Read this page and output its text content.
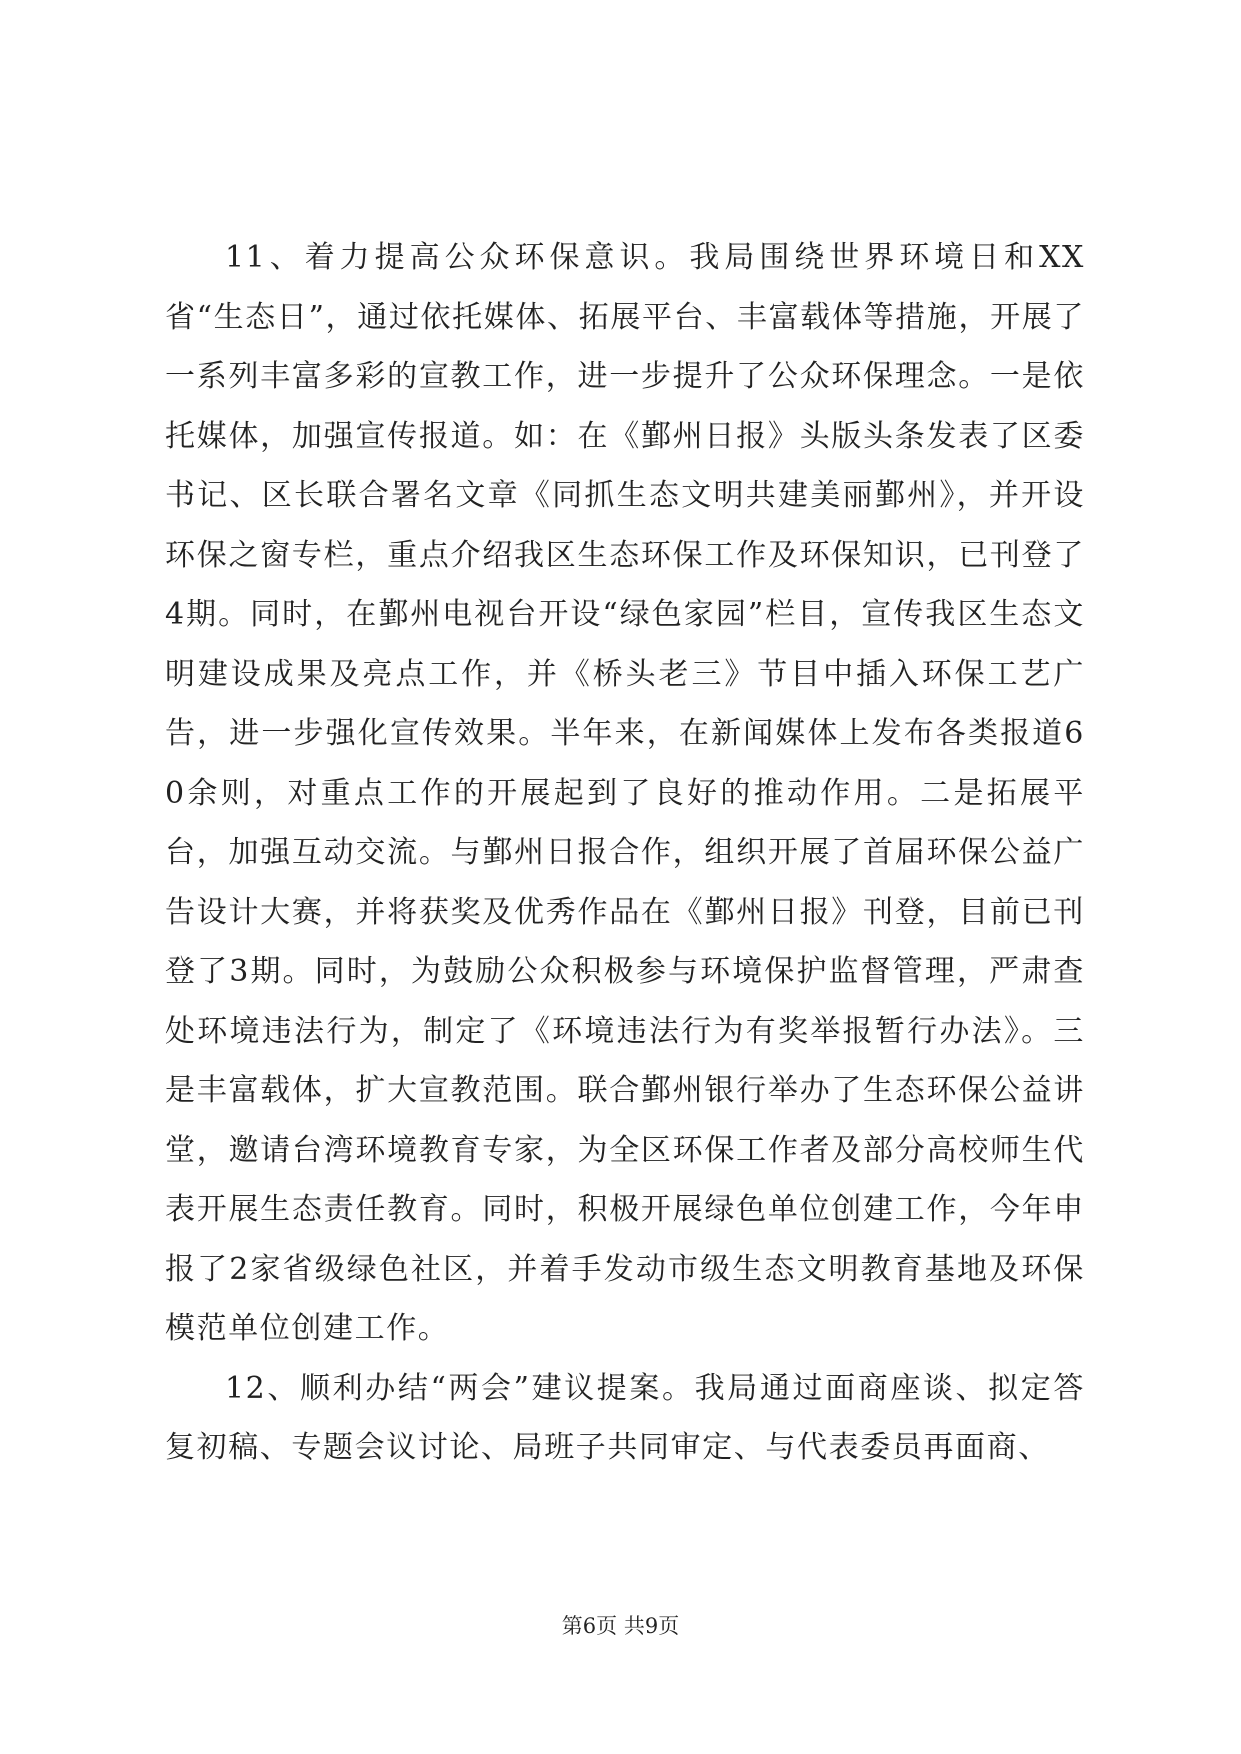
11、着力提高公众环保意识。我局围绕世界环境日和XX省“生态日”，通过依托媒体、拓展平台、丰富载体等措施，开展了一系列丰富多彩的宣教工作，进一步提升了公众环保理念。一是依托媒体，加强宣传报道。如：在《鄞州日报》头版头条发表了区委书记、区长联合署名文章《同抓生态文明共建美丽鄞州》，并开设环保之窗专栏，重点介绍我区生态环保工作及环保知识，已刊登了4期。同时，在鄞州电视台开设“绿色家园”栏目，宣传我区生态文明建设成果及亮点工作，并《桥头老三》节目中插入环保工艺广告，进一步强化宣传效果。半年来，在新闻媒体上发布各类报道60余则，对重点工作的开展起到了良好的推动作用。二是拓展平台，加强互动交流。与鄞州日报合作，组织开展了首届环保公益广告设计大赛，并将获奖及优秀作品在《鄞州日报》刊登，目前已刊登了3期。同时，为鼓励公众积极参与环境保护监督管理，严肃查处环境违法行为，制定了《环境违法行为有奖举报暂行办法》。三是丰富载体，扩大宣教范围。联合鄞州银行举办了生态环保公益讲堂，邀请台湾环境教育专家，为全区环保工作者及部分高校师生代表开展生态责任教育。同时，积极开展绿色单位创建工作，今年申报了2家省级绿色社区，并着手发动市级生态文明教育基地及环保模范单位创建工作。

12、顺利办结“两会”建议提案。我局通过面商座谈、拟定答复初稿、专题会议讨论、局班子共同审定、与代表委员再面商、

第6页 共9页
